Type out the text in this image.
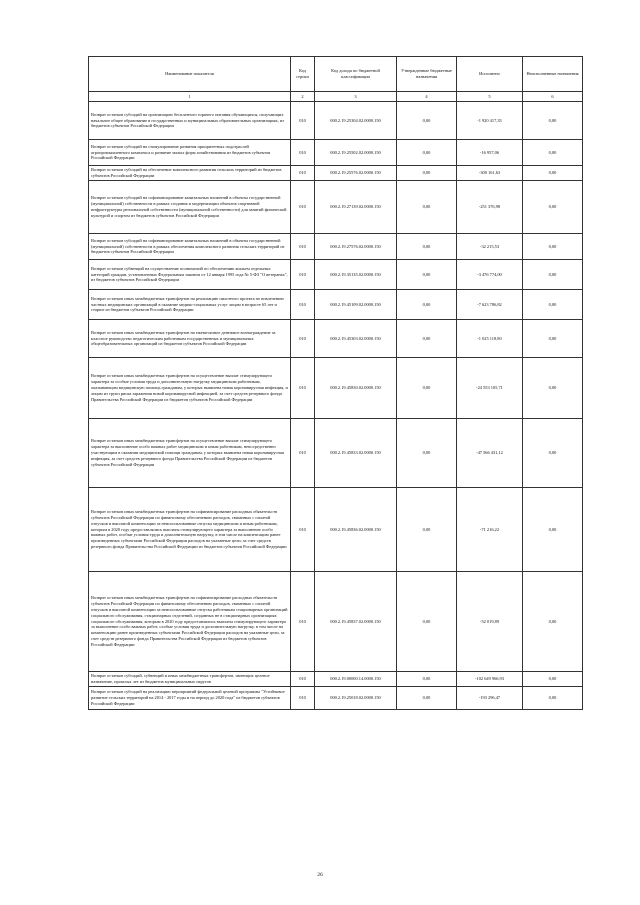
Наименование показателя	Код строки	Код дохода по бюджетной классификации	Утвержденные бюджетные назначения	Исполнено	Неисполненные назначения
1	2	3	4	5	6
Возврат остатков субсидий на организацию бесплатного горячего питания обучающихся, получающих начальное общее образование в государственных и муниципальных образовательных организациях, из бюджетов субъектов Российской Федерации	010	000.2.19.25304.02.0000.150	0,00	-1 920 417,35	0,00
Возврат остатков субсидий на стимулирование развития приоритетных подотраслей агропромышленного комплекса и развитие малых форм хозяйствования из бюджетов субъектов Российской Федерации	010	000.2.19.25502.02.0000.150	0,00	-16 957,06	0,00
Возврат остатков субсидий на обеспечение комплексного развития сельских территорий из бюджетов субъектов Российской Федерации	010	000.2.19.25576.02.0000.150	0,00	-300 161,63	0,00
Возврат остатков субсидий на софинансирование капитальных вложений в объекты государственной (муниципальной) собственности в рамках создания и модернизации объектов спортивной инфраструктуры региональной собственности (муниципальной собственности) для занятий физической культурой и спортом из бюджетов субъектов Российской Федерации	010	000.2.19.27139.02.0000.150	0,00	-251 376,98	0,00
Возврат остатков субсидий на софинансирование капитальных вложений в объекты государственной (муниципальной) собственности в рамках обеспечения комплексного развития сельских территорий из бюджетов субъектов Российской Федерации	010	000.2.19.27576.02.0000.150	0,00	-32 215,53	0,00
Возврат остатков субвенций на осуществление полномочий по обеспечению жильем отдельных категорий граждан, установленных Федеральным законом от 12 января 1995 года № 5-ФЗ "О ветеранах", из бюджетов субъектов Российской Федерации	010	000.2.19.35135.02.0000.150	0,00	-3 476 774,00	0,00
Возврат остатков иных межбюджетных трансфертов на реализацию пилотного проекта по вовлечению частных медицинских организаций в оказание медико-социальных услуг лицам в возрасте 65 лет и старше из бюджетов субъектов Российской Федерации	010	000.2.19.45109.02.0000.150	0,00	-7 623 786,82	0,00
Возврат остатков иных межбюджетных трансфертов на ежемесячное денежное вознаграждение за классное руководство педагогическим работникам государственных и муниципальных общеобразовательных организаций из бюджетов субъектов Российской Федерации	010	000.2.19.45303.02.0000.150	0,00	-1 025 118,80	0,00
Возврат остатков иных межбюджетных трансфертов на осуществление выплат стимулирующего характера за особые условия труда и дополнительную нагрузку медицинским работникам, оказывающим медицинскую помощь гражданам, у которых выявлена новая коронавирусная инфекция, и лицам из групп риска заражения новой коронавирусной инфекцией, за счет средств резервного фонда Правительства Российской Федерации из бюджетов субъектов Российской Федерации	010	000.2.19.45830.02.0000.150	0,00	-24 553 105,71	0,00
Возврат остатков иных межбюджетных трансфертов на осуществление выплат стимулирующего характера за выполнение особо важных работ медицинским и иным работникам, непосредственно участвующим в оказании медицинской помощи гражданам, у которых выявлена новая коронавирусная инфекция, за счет средств резервного фонда Правительства Российской Федерации из бюджетов субъектов Российской Федерации	010	000.2.19.45833.02.0000.150	0,00	-47 566 431,12	0,00
Возврат остатков иных межбюджетных трансфертов на софинансирование расходных обязательств субъектов Российской Федерации по финансовому обеспечению расходов, связанных с оплатой отпусков и выплатой компенсации за неиспользованные отпуска медицинским и иным работникам, которым в 2020 году предоставлялись выплаты стимулирующего характера за выполнение особо важных работ, особые условия труда и дополнительную нагрузку, в том числе на компенсацию ранее произведенных субъектами Российской Федерации расходов на указанные цели, за счет средств резервного фонда Правительства Российской Федерации из бюджетов субъектов Российской Федерации	010	000.2.19.45836.02.0000.150	0,00	-71 216,22	0,00
Возврат остатков иных межбюджетных трансфертов на софинансирование расходных обязательств субъектов Российской Федерации по финансовому обеспечению расходов, связанных с оплатой отпусков и выплатой компенсации за неиспользованные отпуска работникам стационарных организаций социального обслуживания, стационарных отделений, созданных не в стационарных организациях социального обслуживания, которым в 2020 году предоставлялись выплаты стимулирующего характера за выполнение особо важных работ, особые условия труда и дополнительную нагрузку, в том числе на компенсацию ранее произведенных субъектами Российской Федерации расходов на указанные цели, за счет средств резервного фонда Правительства Российской Федерации из бюджетов субъектов Российской Федерации	010	000.2.19.45837.02.0000.150	0,00	-52 019,89	0,00
Возврат остатков субсидий, субвенций и иных межбюджетных трансфертов, имеющих целевое назначение, прошлых лет из бюджетов муниципальных округов	010	000.2.19.00000.14.0000.150	0,00	-102 649 966,93	0,00
Возврат остатков субсидий на реализацию мероприятий федеральной целевой программы "Устойчивое развитие сельских территорий на 2014 - 2017 годы и на период до 2020 года" из бюджетов субъектов Российской Федерации	010	000.2.19.25018.02.0000.150	0,00	-193 296,47	0,00
26
